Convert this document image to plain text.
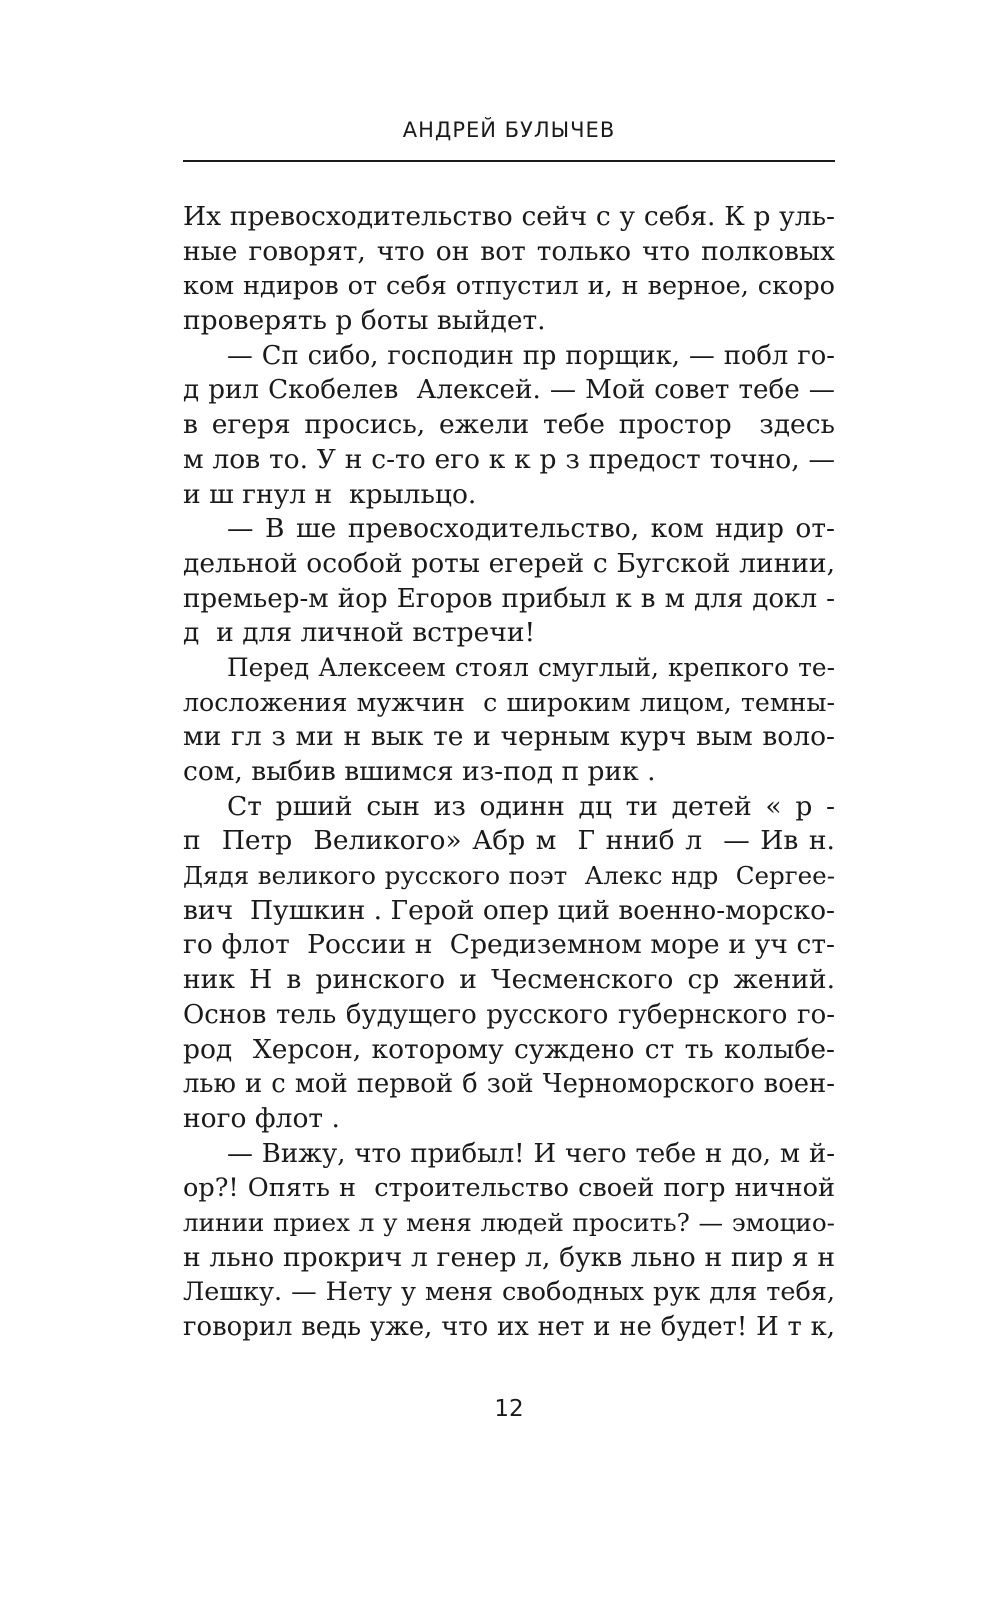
АНДРЕЙ БУЛЫЧЕВ
Их превосходительство сейч с у себя. К р уль-
ные говорят, что он вот только что полковых
ком ндиров от себя отпустил и, н верное, скоро
проверять р боты выйдет.
— Сп сибо, господин пр порщик, — побл го-
д рил Скобелев  Алексей. — Мой совет тебе —
в егеря просись, ежели тебе простор  здесь
м лов то. У н с-то его к к р з предост точно, —
и ш гнул н  крыльцо.
— В ше превосходительство, ком ндир от-
дельной особой роты егерей с Бугской линии,
премьер-м йор Егоров прибыл к в м для докл -
д  и для личной встречи!
Перед Алексеем стоял смуглый, крепкого те-
лосложения мужчин  с широким лицом, темны-
ми гл з ми н вык те и черным курч вым воло-
сом, выбив вшимся из-под п рик .
Ст рший сын из одинн дц ти детей « р -
п  Петр  Великого» Абр м  Г нниб л  — Ив н.
Дядя великого русского поэт  Алекс ндр  Сергее-
вич  Пушкин . Герой опер ций военно-морско-
го флот  России н  Средиземном море и уч ст-
ник Н в ринского и Чесменского ср жений.
Основ тель будущего русского губернского го-
род  Херсон, которому суждено ст ть колыбе-
лью и с мой первой б зой Черноморского воен-
ного флот .
— Вижу, что прибыл! И чего тебе н до, м й-
ор?! Опять н  строительство своей погр ничной
линии приех л у меня людей просить? — эмоцио-
н льно прокрич л генер л, букв льно н пир я н
Лешку. — Нету у меня свободных рук для тебя,
говорил ведь уже, что их нет и не будет! И т к,
12
